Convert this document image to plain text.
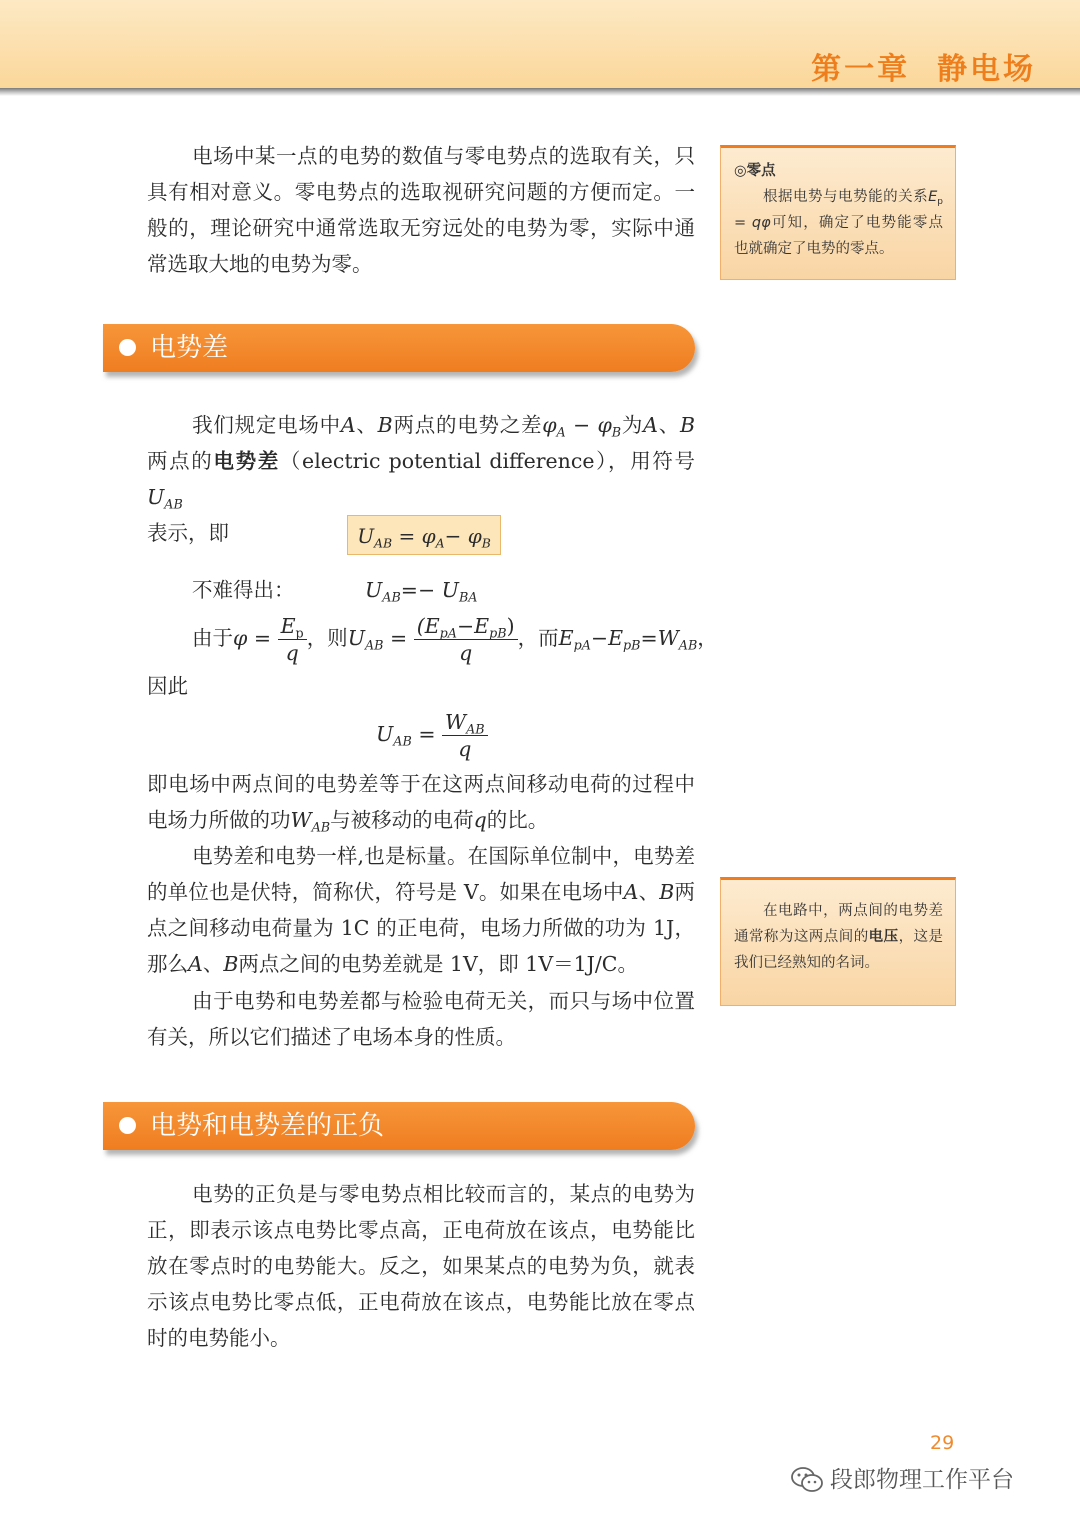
第一章 静电场
电场中某一点的电势的数值与零电势点的选取有关，只具有相对意义。零电势点的选取视研究问题的方便而定。一般的，理论研究中通常选取无穷远处的电势为零，实际中通常选取大地的电势为零。
◎零点
根据电势与电势能的关系$E_p = q\varphi$可知，确定了电势能零点也就确定了电势的零点。
电势差
我们规定电场中A、B两点的电势之差$\varphi_A - \varphi_B$为A、B两点的电势差（electric potential difference），用符号$U_{AB}$
表示，即	$U_{AB} = \varphi_A- \varphi_B$
不难得出：	$U_{AB}=- U_{BA}$
由于$\varphi = \frac{E_p}{q}$ ，则$U_{AB} = \frac{(E_{pA}-E_{pB})}{q}$ ，而$E_{pA}-E_{pB}=W_{AB}$，
因此
$U_{AB} = \frac{W_{AB}}{q}$
即电场中两点间的电势差等于在这两点间移动电荷的过程中电场力所做的功$W_{AB}$与被移动的电荷q的比。
电势差和电势一样,也是标量。在国际单位制中，电势差的单位也是伏特，简称伏，符号是 V。如果在电场中A、B两点之间移动电荷量为 1C 的正电荷，电场力所做的功为 1J，那么A、B两点之间的电势差就是 1V，即 1V＝1J/C。
由于电势和电势差都与检验电荷无关，而只与场中位置有关，所以它们描述了电场本身的性质。
在电路中，两点间的电势差通常称为这两点间的电压，这是我们已经熟知的名词。
电势和电势差的正负
电势的正负是与零电势点相比较而言的，某点的电势为正，即表示该点电势比零点高，正电荷放在该点，电势能比放在零点时的电势能大。反之，如果某点的电势为负，就表示该点电势比零点低，正电荷放在该点，电势能比放在零点时的电势能小。
29
段郎物理工作平台
